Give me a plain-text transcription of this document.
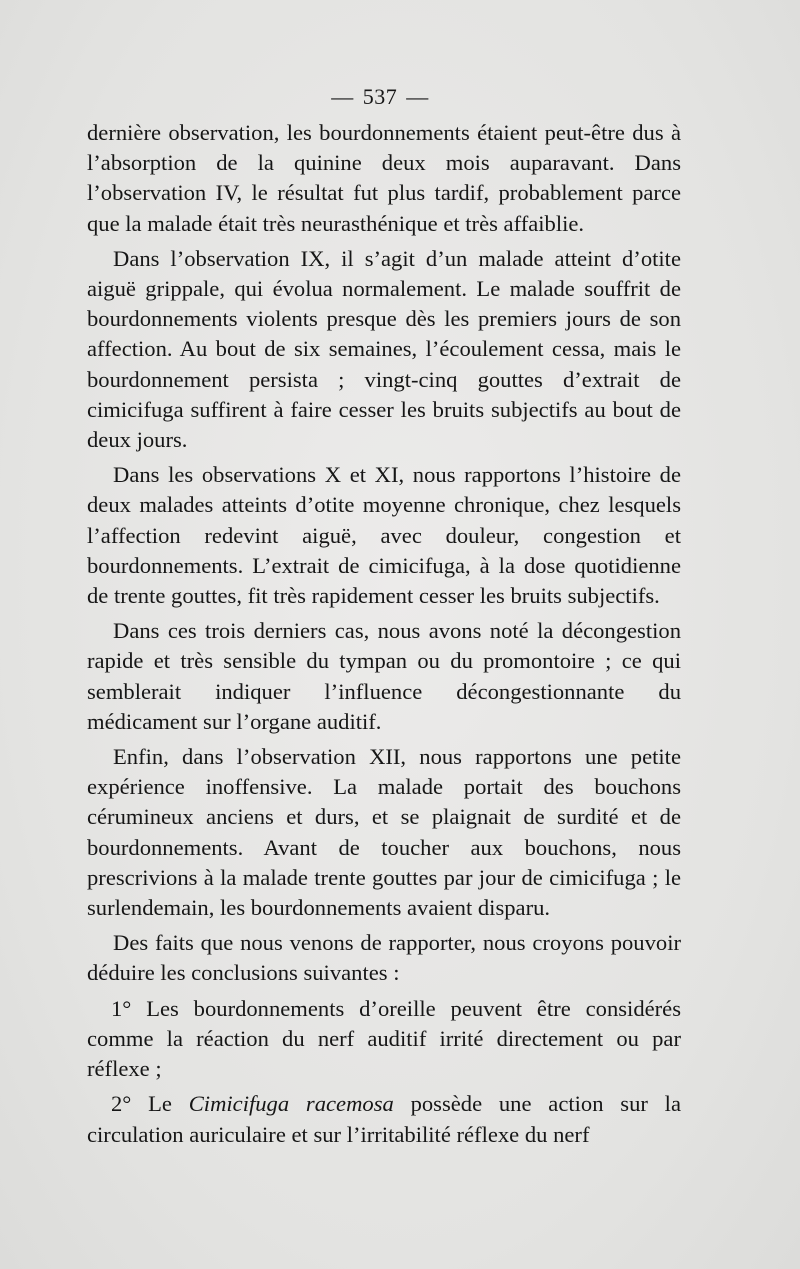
— 537 —

dernière observation, les bourdonnements étaient peut-être dus à l’absorption de la quinine deux mois auparavant. Dans l’observation IV, le résultat fut plus tardif, probablement parce que la malade était très neurasthénique et très affaiblie.

Dans l’observation IX, il s’agit d’un malade atteint d’otite aiguë grippale, qui évolua normalement. Le malade souffrit de bourdonnements violents presque dès les premiers jours de son affection. Au bout de six semaines, l’écoulement cessa, mais le bourdonnement persista ; vingt-cinq gouttes d’extrait de cimicifuga suffirent à faire cesser les bruits subjectifs au bout de deux jours.

Dans les observations X et XI, nous rapportons l’histoire de deux malades atteints d’otite moyenne chronique, chez lesquels l’affection redevint aiguë, avec douleur, congestion et bourdonnements. L’extrait de cimicifuga, à la dose quotidienne de trente gouttes, fit très rapidement cesser les bruits subjectifs.

Dans ces trois derniers cas, nous avons noté la décongestion rapide et très sensible du tympan ou du promontoire ; ce qui semblerait indiquer l’influence décongestionnante du médicament sur l’organe auditif.

Enfin, dans l’observation XII, nous rapportons une petite expérience inoffensive. La malade portait des bouchons cérumineux anciens et durs, et se plaignait de surdité et de bourdonnements. Avant de toucher aux bouchons, nous prescrivions à la malade trente gouttes par jour de cimicifuga ; le surlendemain, les bourdonnements avaient disparu.

Des faits que nous venons de rapporter, nous croyons pouvoir déduire les conclusions suivantes :

1° Les bourdonnements d’oreille peuvent être considérés comme la réaction du nerf auditif irrité directement ou par réflexe ;

2° Le Cimicifuga racemosa possède une action sur la circulation auriculaire et sur l’irritabilité réflexe du nerf
